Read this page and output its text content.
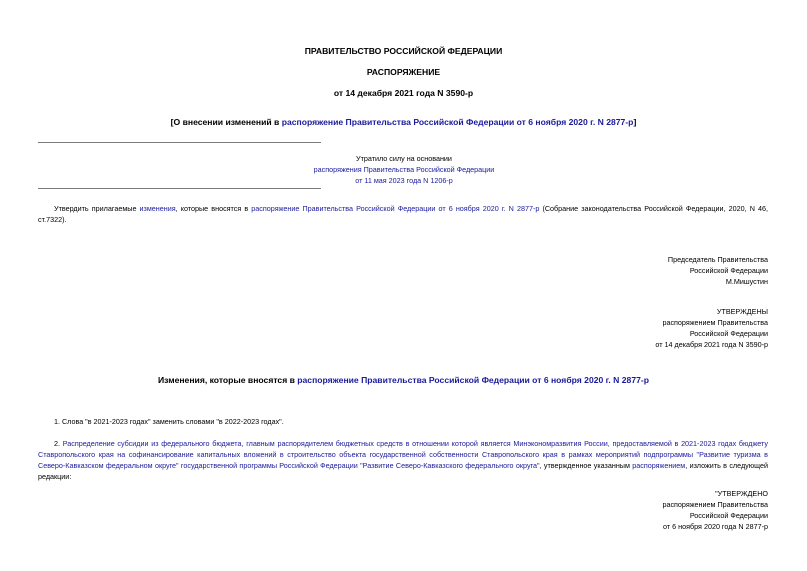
ПРАВИТЕЛЬСТВО РОССИЙСКОЙ ФЕДЕРАЦИИ
РАСПОРЯЖЕНИЕ
от 14 декабря 2021 года N 3590-р
[О внесении изменений в распоряжение Правительства Российской Федерации от 6 ноября 2020 г. N 2877-р]
Утратило силу на основании
распоряжения Правительства Российской Федерации
от 11 мая 2023 года N 1206-р
Утвердить прилагаемые изменения, которые вносятся в распоряжение Правительства Российской Федерации от 6 ноября 2020 г. N 2877-р (Собрание законодательства Российской Федерации, 2020, N 46, ст.7322).
Председатель Правительства
Российской Федерации
М.Мишустин
УТВЕРЖДЕНЫ
распоряжением Правительства
Российской Федерации
от 14 декабря 2021 года N 3590-р
Изменения, которые вносятся в распоряжение Правительства Российской Федерации от 6 ноября 2020 г. N 2877-р
1. Слова "в 2021-2023 годах" заменить словами "в 2022-2023 годах".
2. Распределение субсидии из федерального бюджета, главным распорядителем бюджетных средств в отношении которой является Минэкономразвития России, предоставляемой в 2021-2023 годах бюджету Ставропольского края на софинансирование капитальных вложений в строительство объекта государственной собственности Ставропольского края в рамках мероприятий подпрограммы "Развитие туризма в Северо-Кавказском федеральном округе" государственной программы Российской Федерации "Развитие Северо-Кавказского федерального округа", утвержденное указанным распоряжением, изложить в следующей редакции:
"УТВЕРЖДЕНО
распоряжением Правительства
Российской Федерации
от 6 ноября 2020 года N 2877-р
